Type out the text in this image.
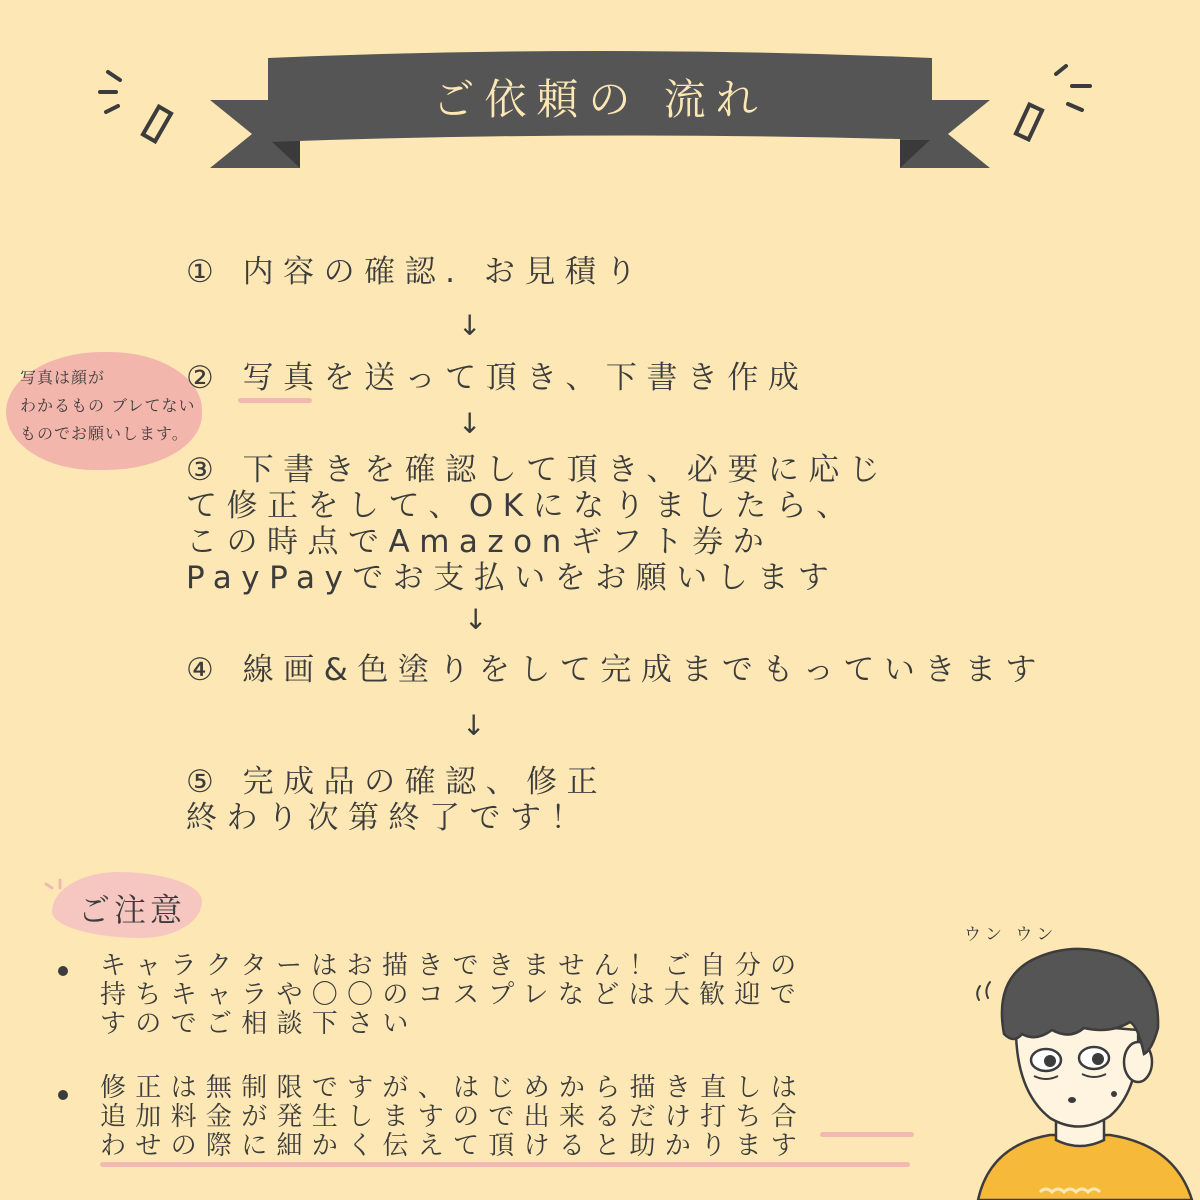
ご依頼の 流れ
写真は顔が
わかるもの ブレてない
ものでお願いします。
① 内容の確認. お見積り
↓
② 写真を送って頂き、下書き作成
↓
③ 下書きを確認して頂き、必要に応じ
て修正をして、OKになりましたら、
この時点でAmazonギフト券か
PayPayでお支払いをお願いします
↓
④ 線画&色塗りをして完成までもっていきます
↓
⑤ 完成品の確認、修正
終わり次第終了です！
ご注意
キャラクターはお描きできません！ご自分の
持ちキャラや〇〇のコスプレなどは大歓迎で
すのでご相談下さい
修正は無制限ですが、はじめから描き直しは
追加料金が発生しますので出来るだけ打ち合
わせの際に細かく伝えて頂けると助かります
ウン ウン
